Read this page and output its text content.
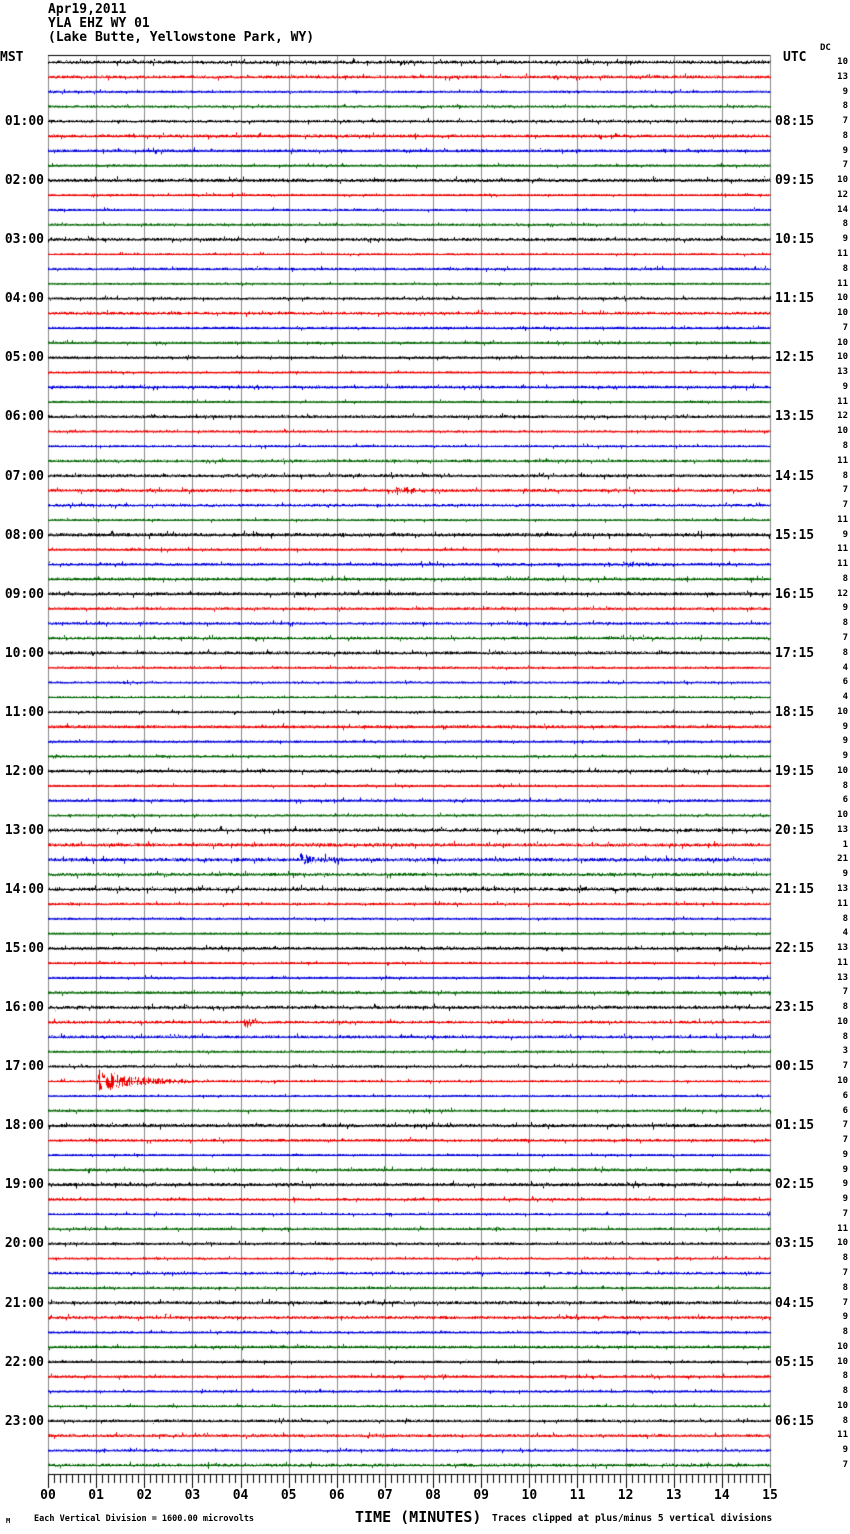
Apr19,2011
YLA EHZ WY 01
(Lake Butte, Yellowstone Park, WY)
MST	UTC
DC
01:00
02:00
03:00
04:00
05:00
06:00
07:00
08:00
09:00
10:00
11:00
12:00
13:00
14:00
15:00
16:00
17:00
18:00
19:00
20:00
21:00
22:00
23:00
08:15
09:15
10:15
11:15
12:15
13:15
14:15
15:15
16:15
17:15
18:15
19:15
20:15
21:15
22:15
23:15
00:15
01:15
02:15
03:15
04:15
05:15
06:15
10
13
9
8
7
8
9
7
10
12
14
8
9
11
8
11
10
10
7
10
10
13
9
11
12
10
8
11
8
7
7
11
9
11
11
8
12
9
8
7
8
4
6
4
10
9
9
9
10
8
6
10
13
1
21
9
13
11
8
4
13
11
13
7
8
10
8
3
7
10
6
6
7
7
9
9
9
9
7
11
10
8
7
8
7
9
8
10
10
8
8
10
8
11
9
7
00	01	02	03	04	05	06	07	08	09	10	11	12	13	14	15
M	Each Vertical Division = 1600.00 microvolts	TIME (MINUTES) Traces clipped at plus/minus 5 vertical divisions
